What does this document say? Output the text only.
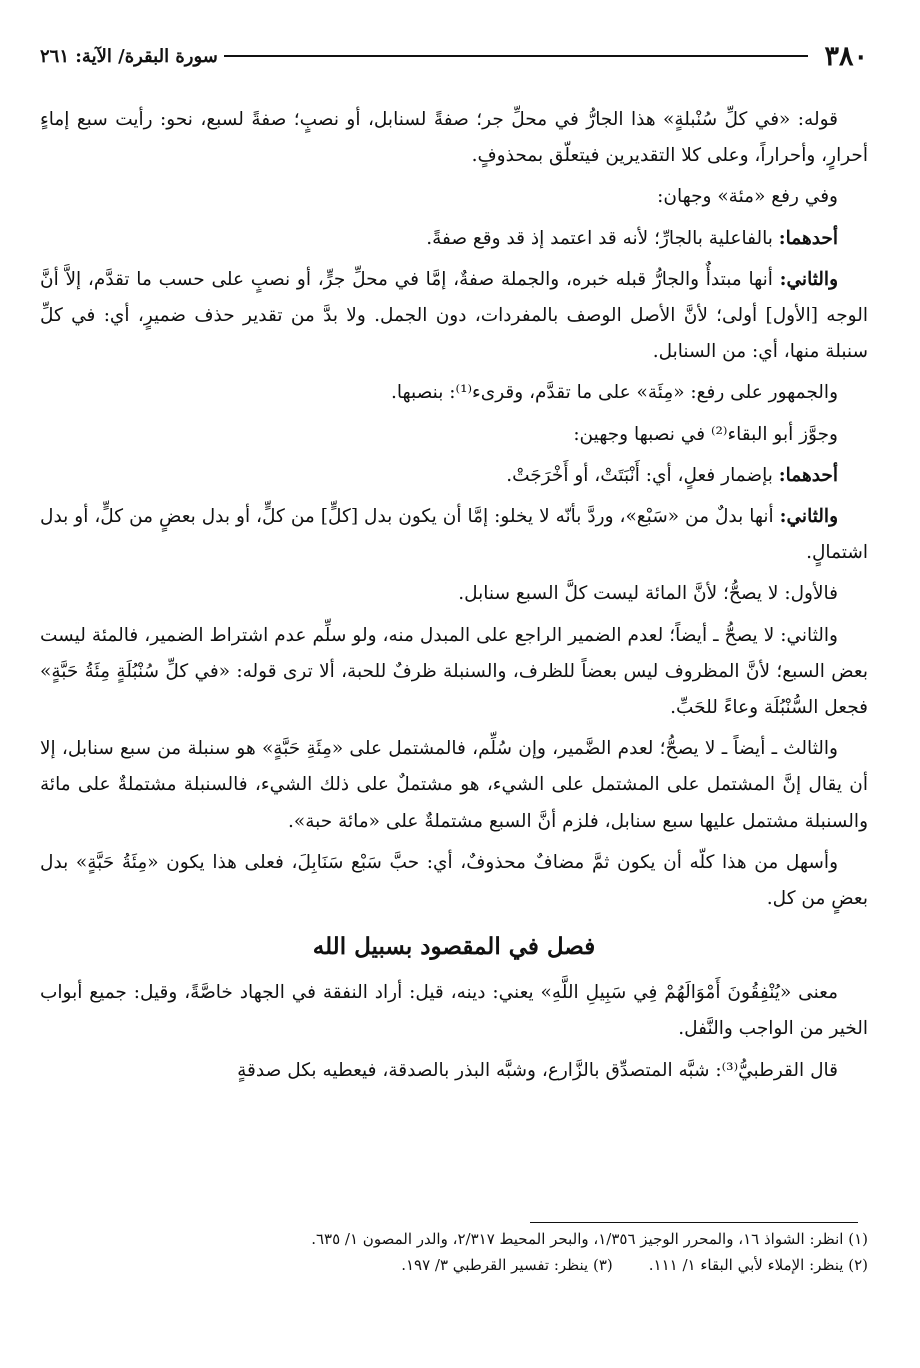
٣٨٠
سورة البقرة/ الآية: ٢٦١

قوله: «في كلِّ سُنْبلةٍ» هذا الجارُّ في محلِّ جر؛ صفةً لسنابل، أو نصبٍ؛ صفةً لسبع، نحو: رأيت سبع إماءٍ أحرارٍ، وأحراراً، وعلى كلا التقديرين فيتعلّق بمحذوفٍ.

وفي رفع «مئة» وجهان:

أحدهما: بالفاعلية بالجارِّ؛ لأنه قد اعتمد إذ قد وقع صفةً.

والثاني: أنها مبتدأٌ والجارُّ قبله خبره، والجملة صفةٌ، إمَّا في محلِّ جرٍّ، أو نصبٍ على حسب ما تقدَّم، إلاَّ أنَّ الوجه [الأول] أولى؛ لأنَّ الأصل الوصف بالمفردات، دون الجمل. ولا بدَّ من تقدير حذف ضميرٍ، أي: في كلِّ سنبلة منها، أي: من السنابل.

والجمهور على رفع: «مِئَة» على ما تقدَّم، وقرىء⁽¹⁾: بنصبها.

وجوَّز أبو البقاء⁽²⁾ في نصبها وجهين:

أحدهما: بإضمار فعلٍ، أي: أَنْبَتَتْ، أو أَخْرَجَتْ.

والثاني: أنها بدلٌ من «سَبْع»، وردَّ بأنّه لا يخلو: إمَّا أن يكون بدل [كلٍّ] من كلٍّ، أو بدل بعضٍ من كلٍّ، أو بدل اشتمالٍ.

فالأول: لا يصحُّ؛ لأنَّ المائة ليست كلَّ السبع سنابل.

والثاني: لا يصحُّ ـ أيضاً؛ لعدم الضمير الراجع على المبدل منه، ولو سلِّم عدم اشتراط الضمير، فالمئة ليست بعض السبع؛ لأنَّ المظروف ليس بعضاً للظرف، والسنبلة ظرفٌ للحبة، ألا ترى قوله: «في كلِّ سُنْبُلَةٍ مِئَةُ حَبَّةٍ» فجعل السُّنْبُلَة وعاءً للحَبِّ.

والثالث ـ أيضاً ـ لا يصحُّ؛ لعدم الضَّمير، وإن سُلِّم، فالمشتمل على «مِئَةِ حَبَّةٍ» هو سنبلة من سبع سنابل، إلا أن يقال إنَّ المشتمل على المشتمل على الشيء، هو مشتملٌ على ذلك الشيء، فالسنبلة مشتملةٌ على مائة والسنبلة مشتمل عليها سبع سنابل، فلزم أنَّ السبع مشتملةٌ على «مائة حبة».

وأسهل من هذا كلّه أن يكون ثمَّ مضافٌ محذوفٌ، أي: حبَّ سَبْع سَنَابِلَ، فعلى هذا يكون «مِئَةُ حَبَّةٍ» بدل بعضٍ من كل.

فصل في المقصود بسبيل الله

معنى «يُنْفِقُونَ أَمْوَالَهُمْ فِي سَبِيلِ اللَّهِ» يعني: دينه، قيل: أراد النفقة في الجهاد خاصَّةً، وقيل: جميع أبواب الخير من الواجب والنَّفل.

قال القرطبيُّ⁽³⁾: شبَّه المتصدِّق بالزَّارع، وشبَّه البذر بالصدقة، فيعطيه بكل صدقةٍ

(١) انظر: الشواذ ١٦، والمحرر الوجيز ١/٣٥٦، والبحر المحيط ٢/٣١٧، والدر المصون ١/ ٦٣٥.
(٢) ينظر: الإملاء لأبي البقاء ١/ ١١١.(٣) ينظر: تفسير القرطبي ٣/ ١٩٧.
